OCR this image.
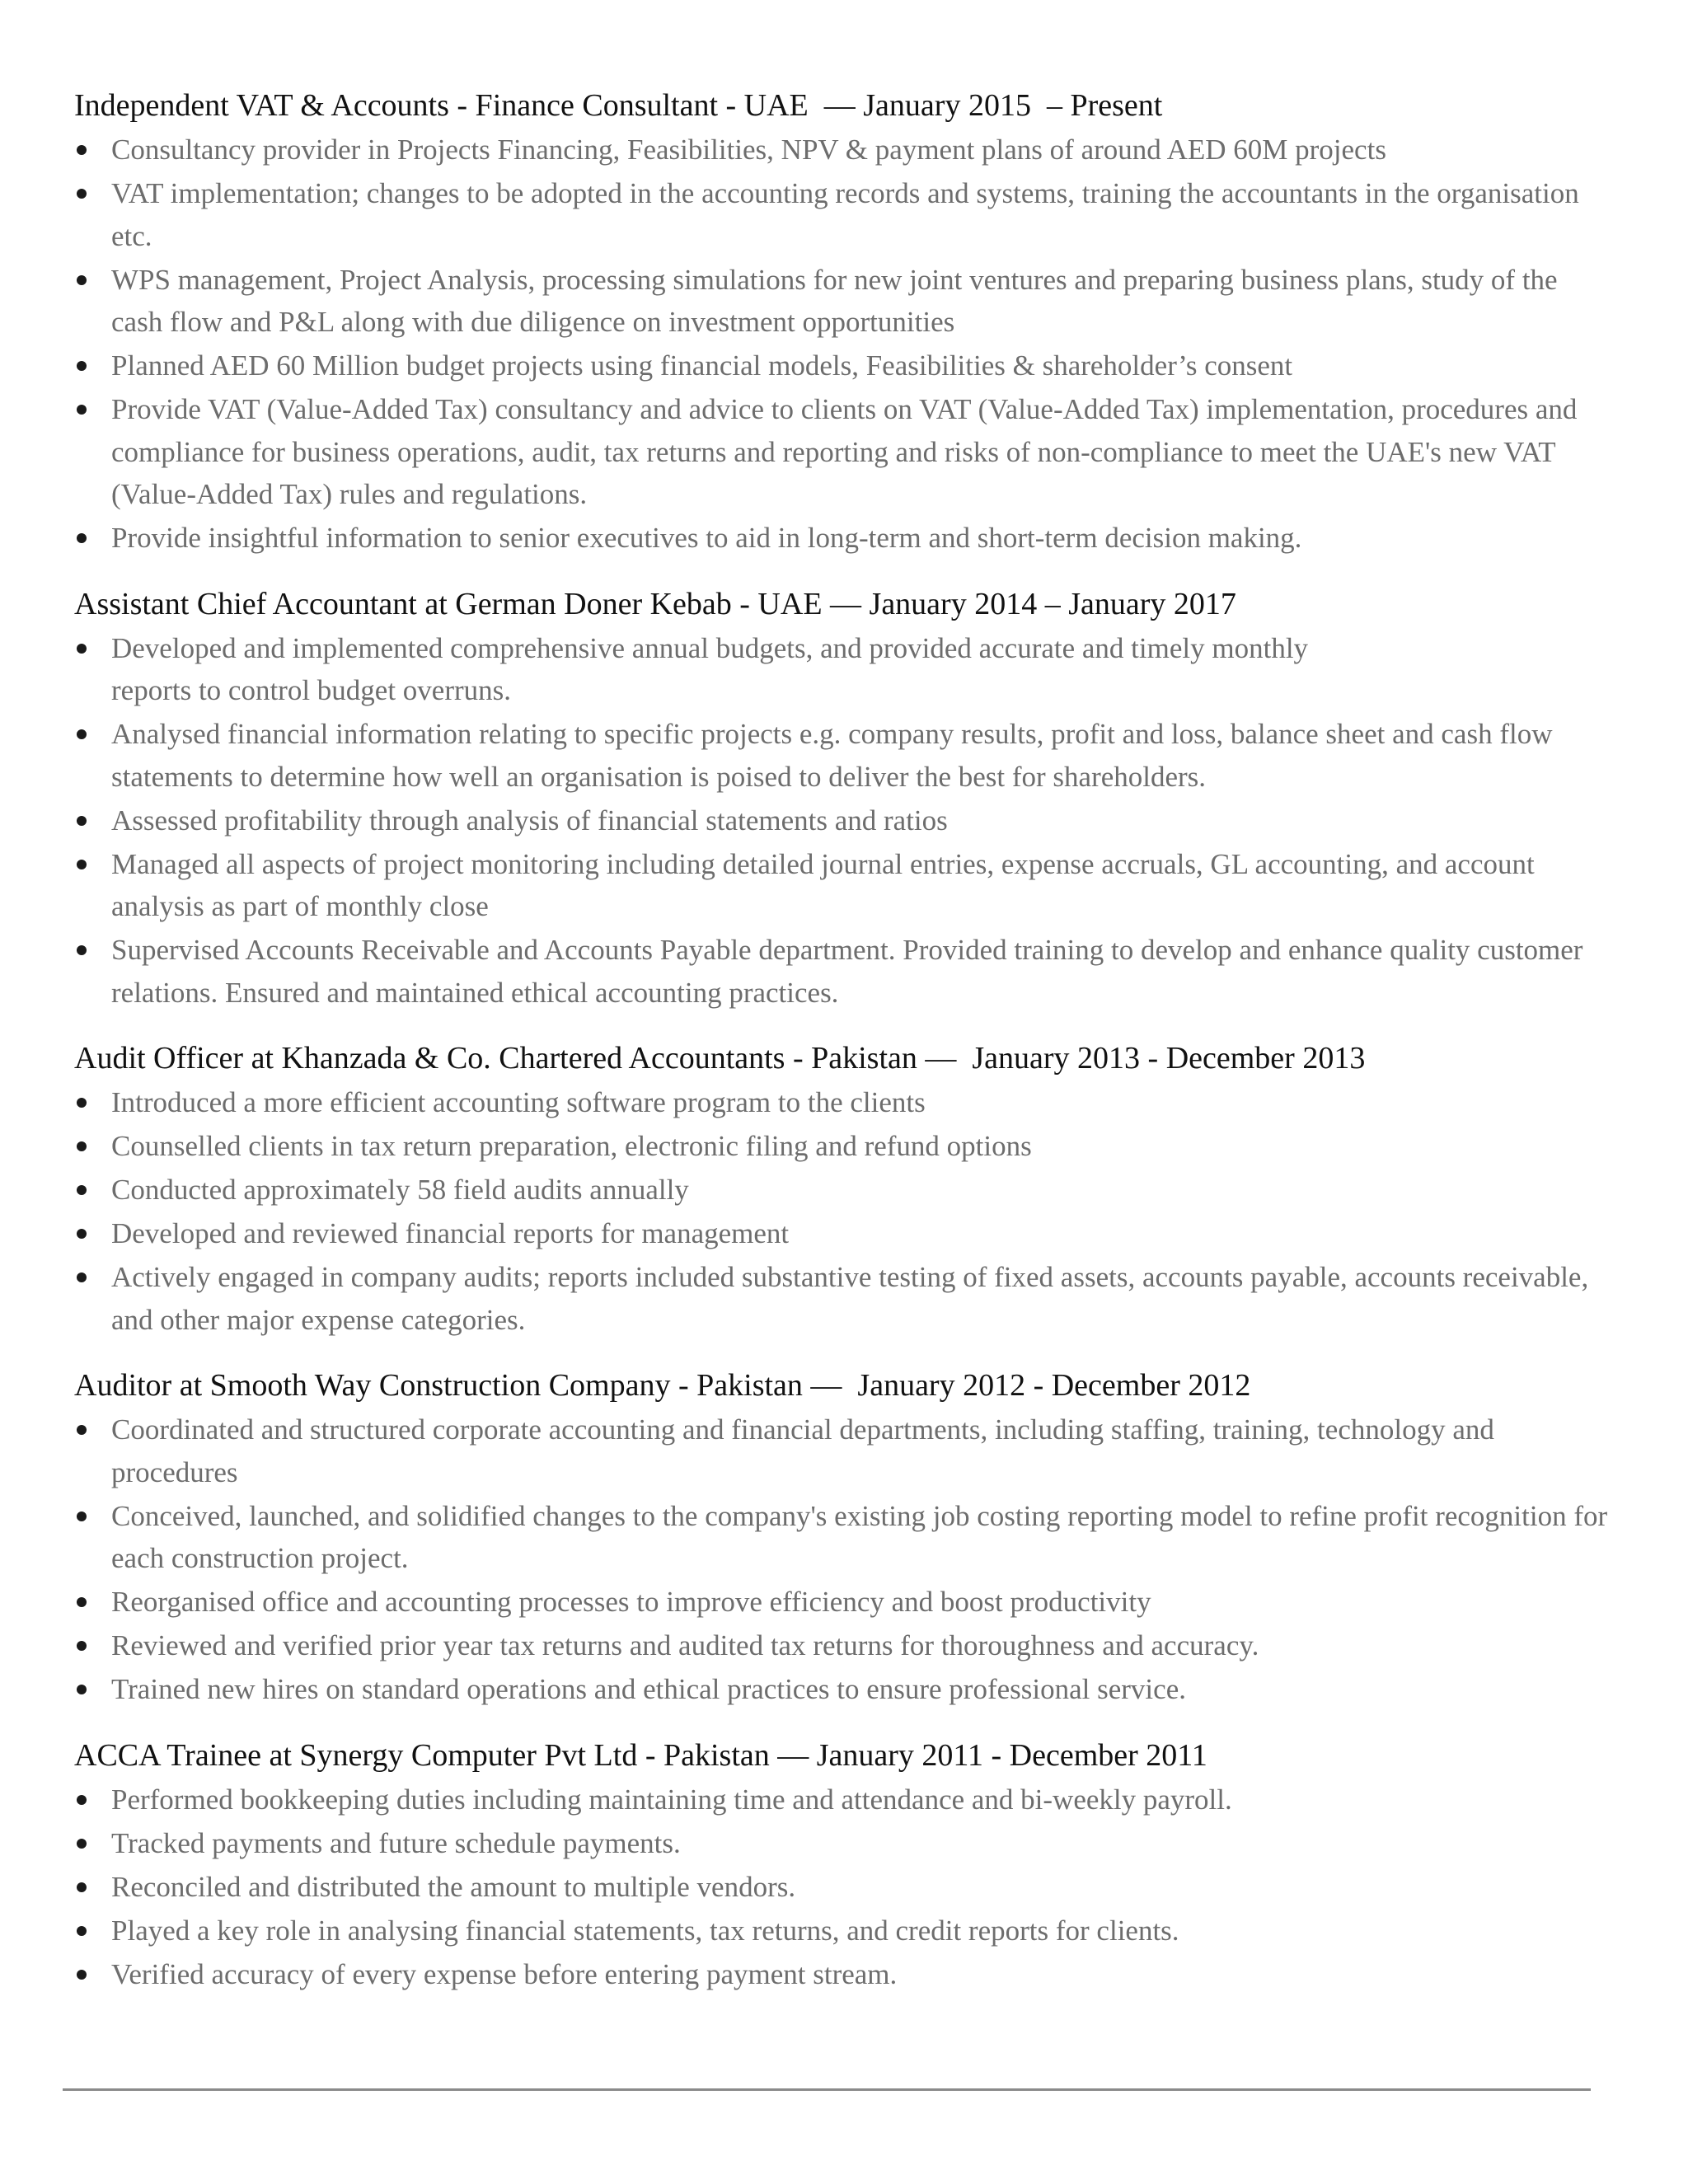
Independent VAT & Accounts - Finance Consultant - UAE  — January 2015  – Present
Consultancy provider in Projects Financing, Feasibilities, NPV & payment plans of around AED 60M projects
VAT implementation; changes to be adopted in the accounting records and systems, training the accountants in the organisation etc.
WPS management, Project Analysis, processing simulations for new joint ventures and preparing business plans, study of the cash flow and P&L along with due diligence on investment opportunities
Planned AED 60 Million budget projects using financial models, Feasibilities & shareholder’s consent
Provide VAT (Value-Added Tax) consultancy and advice to clients on VAT (Value-Added Tax) implementation, procedures and compliance for business operations, audit, tax returns and reporting and risks of non-compliance to meet the UAE's new VAT (Value-Added Tax) rules and regulations.
Provide insightful information to senior executives to aid in long-term and short-term decision making.
Assistant Chief Accountant at German Doner Kebab - UAE — January 2014 – January 2017
Developed and implemented comprehensive annual budgets, and provided accurate and timely monthly
reports to control budget overruns.
Analysed financial information relating to specific projects e.g. company results, profit and loss, balance sheet and cash flow statements to determine how well an organisation is poised to deliver the best for shareholders.
Assessed profitability through analysis of financial statements and ratios
Managed all aspects of project monitoring including detailed journal entries, expense accruals, GL accounting, and account analysis as part of monthly close
Supervised Accounts Receivable and Accounts Payable department. Provided training to develop and enhance quality customer relations. Ensured and maintained ethical accounting practices.
Audit Officer at Khanzada & Co. Chartered Accountants - Pakistan —  January 2013 - December 2013
Introduced a more efficient accounting software program to the clients
Counselled clients in tax return preparation, electronic filing and refund options
Conducted approximately 58 field audits annually
Developed and reviewed financial reports for management
Actively engaged in company audits; reports included substantive testing of fixed assets, accounts payable, accounts receivable, and other major expense categories.
Auditor at Smooth Way Construction Company - Pakistan —  January 2012 - December 2012
Coordinated and structured corporate accounting and financial departments, including staffing, training, technology and procedures
Conceived, launched, and solidified changes to the company's existing job costing reporting model to refine profit recognition for each construction project.
Reorganised office and accounting processes to improve efficiency and boost productivity
Reviewed and verified prior year tax returns and audited tax returns for thoroughness and accuracy.
Trained new hires on standard operations and ethical practices to ensure professional service.
ACCA Trainee at Synergy Computer Pvt Ltd - Pakistan — January 2011 - December 2011
Performed bookkeeping duties including maintaining time and attendance and bi-weekly payroll.
Tracked payments and future schedule payments.
Reconciled and distributed the amount to multiple vendors.
Played a key role in analysing financial statements, tax returns, and credit reports for clients.
Verified accuracy of every expense before entering payment stream.
